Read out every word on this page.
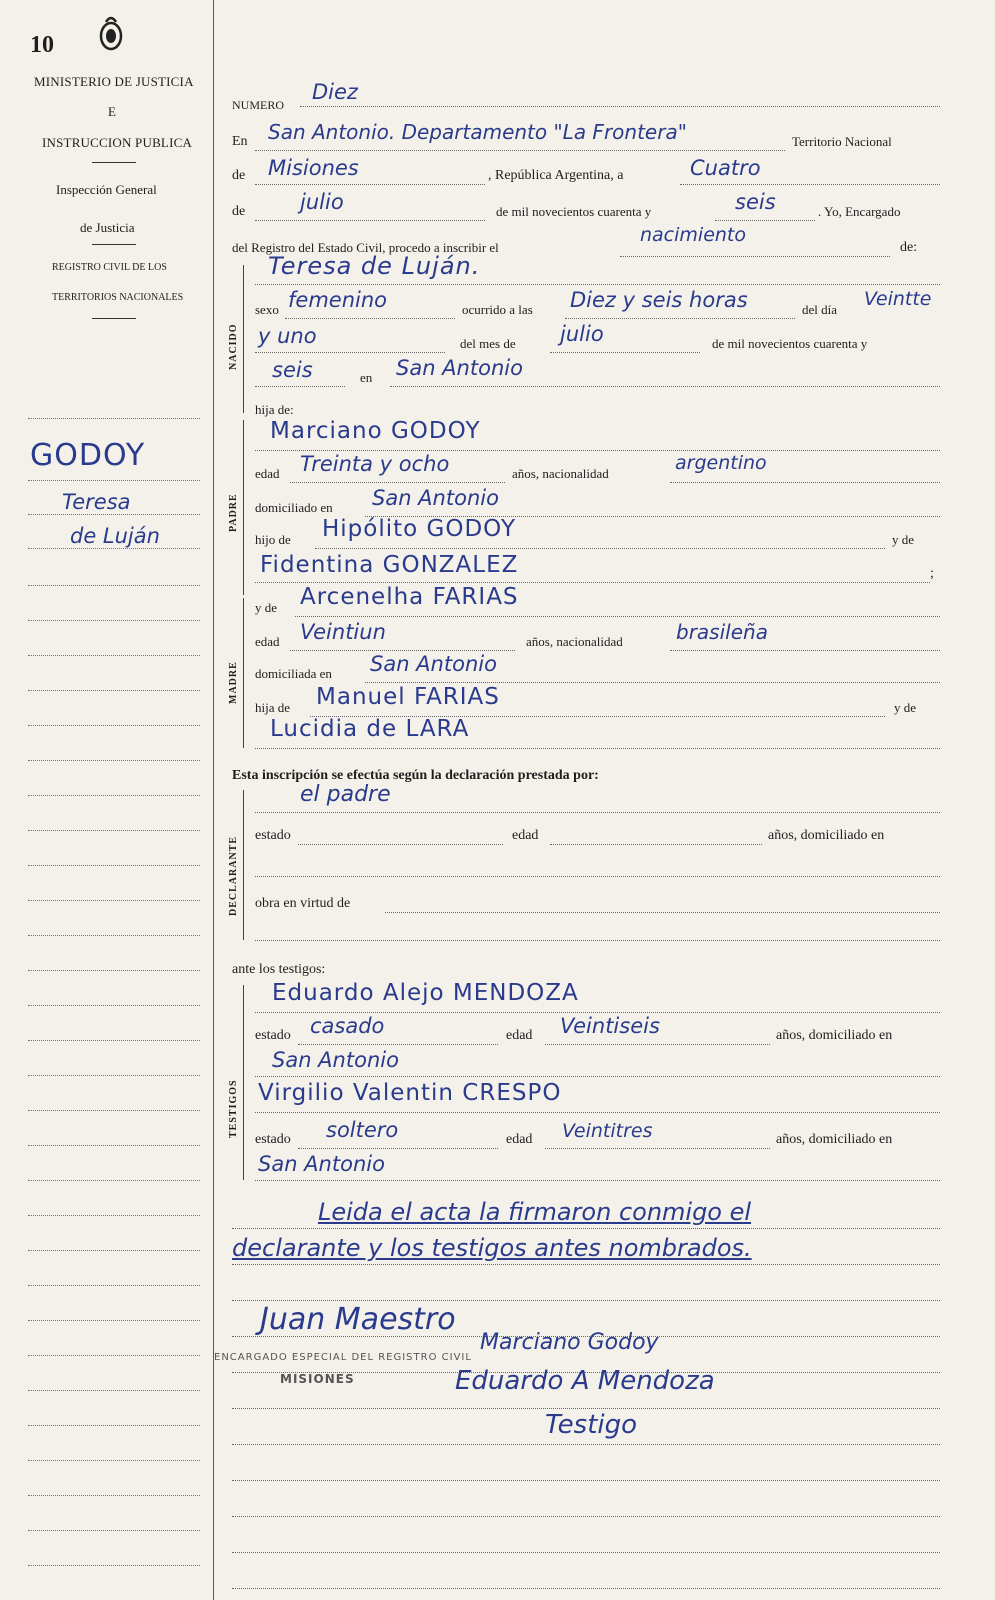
10
MINISTERIO DE JUSTICIA
E
INSTRUCCION PUBLICA
Inspección General
de Justicia
REGISTRO CIVIL DE LOS
TERRITORIOS NACIONALES
GODOY
Teresa
de Luján
NUMERO
Diez
En San Antonio. Departamento "La Frontera"	Territorio Nacional
de Misiones	, República Argentina, a	Cuatro
de	julio	de mil novecientos cuarenta y	seis	. Yo, Encargado
del Registro del Estado Civil, procedo a inscribir el
nacimiento
de:
NACIDO
Teresa de Luján.
sexo femenino	ocurrido a las Diez y seis horas	del día Veintte
y uno	del mes de julio	de mil novecientos cuarenta y
seis	en San Antonio
hija de:
PADRE
Marciano GODOY
edad Treinta y ocho	años, nacionalidad	argentino
domiciliado en San Antonio
hijo de Hipólito GODOY	y de
Fidentina GONZALEZ	;
MADRE
y de Arcenelha FARIAS
edad Veintiun	años, nacionalidad	brasileña
domiciliada en San Antonio
hija de Manuel FARIAS	y de
Lucidia de LARA
Esta inscripción se efectúa según la declaración prestada por:
DECLARANTE
el padre
estado	edad	años, domiciliado en
obra en virtud de
ante los testigos:
TESTIGOS
Eduardo Alejo MENDOZA
estado casado	edad Veintiseis	años, domiciliado en
San Antonio
Virgilio Valentin CRESPO
estado soltero	edad Veintitres	años, domiciliado en
San Antonio
Leida el acta la firmaron conmigo el
declarante y los testigos antes nombrados.
Juan Maestro
ENCARGADO ESPECIAL DEL REGISTRO CIVIL
MISIONES
Marciano Godoy
Eduardo A Mendoza
Testigo
